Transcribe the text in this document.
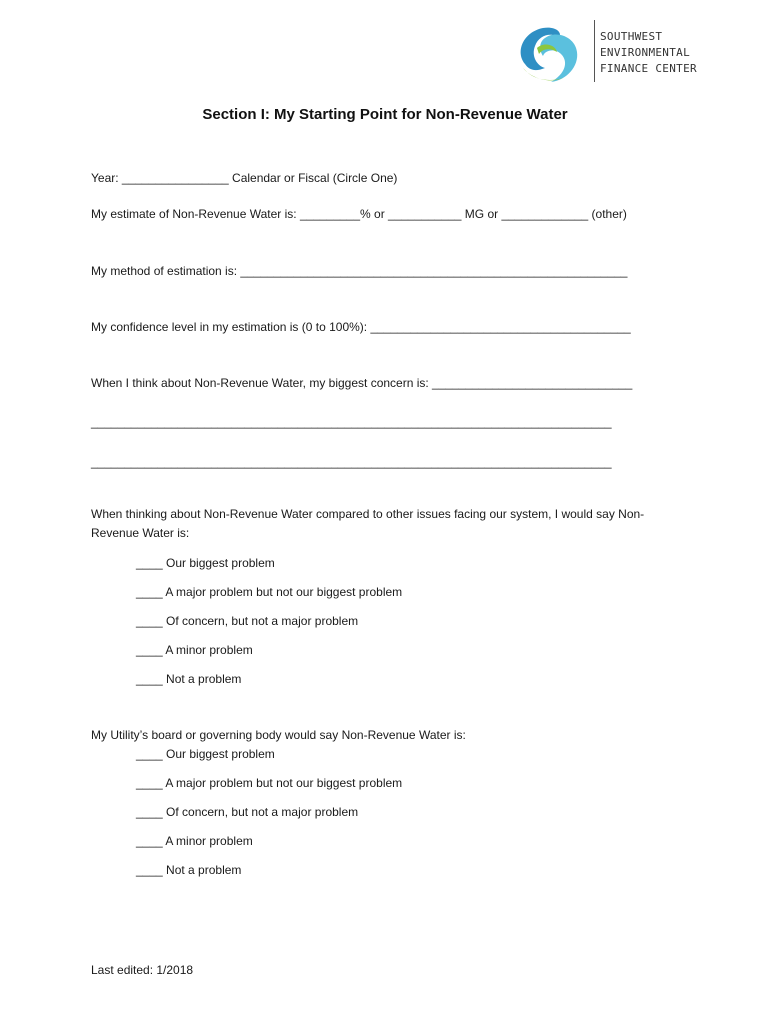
SOUTHWEST
ENVIRONMENTAL
FINANCE CENTER
Section I: My Starting Point for Non-Revenue Water
Year: ________________ Calendar or Fiscal (Circle One)
My estimate of Non-Revenue Water is: _________% or ___________ MG or _____________ (other)
My method of estimation is: __________________________________________________________
My confidence level in my estimation is (0 to 100%): _______________________________________
When I think about Non-Revenue Water, my biggest concern is: ______________________________
______________________________________________________________________________
______________________________________________________________________________
When thinking about Non-Revenue Water compared to other issues facing our system, I would say Non-Revenue Water is:
____ Our biggest problem
____ A major problem but not our biggest problem
____ Of concern, but not a major problem
____ A minor problem
____ Not a problem
My Utility’s board or governing body would say Non-Revenue Water is:
____ Our biggest problem
____ A major problem but not our biggest problem
____ Of concern, but not a major problem
____ A minor problem
____ Not a problem
Last edited: 1/2018
